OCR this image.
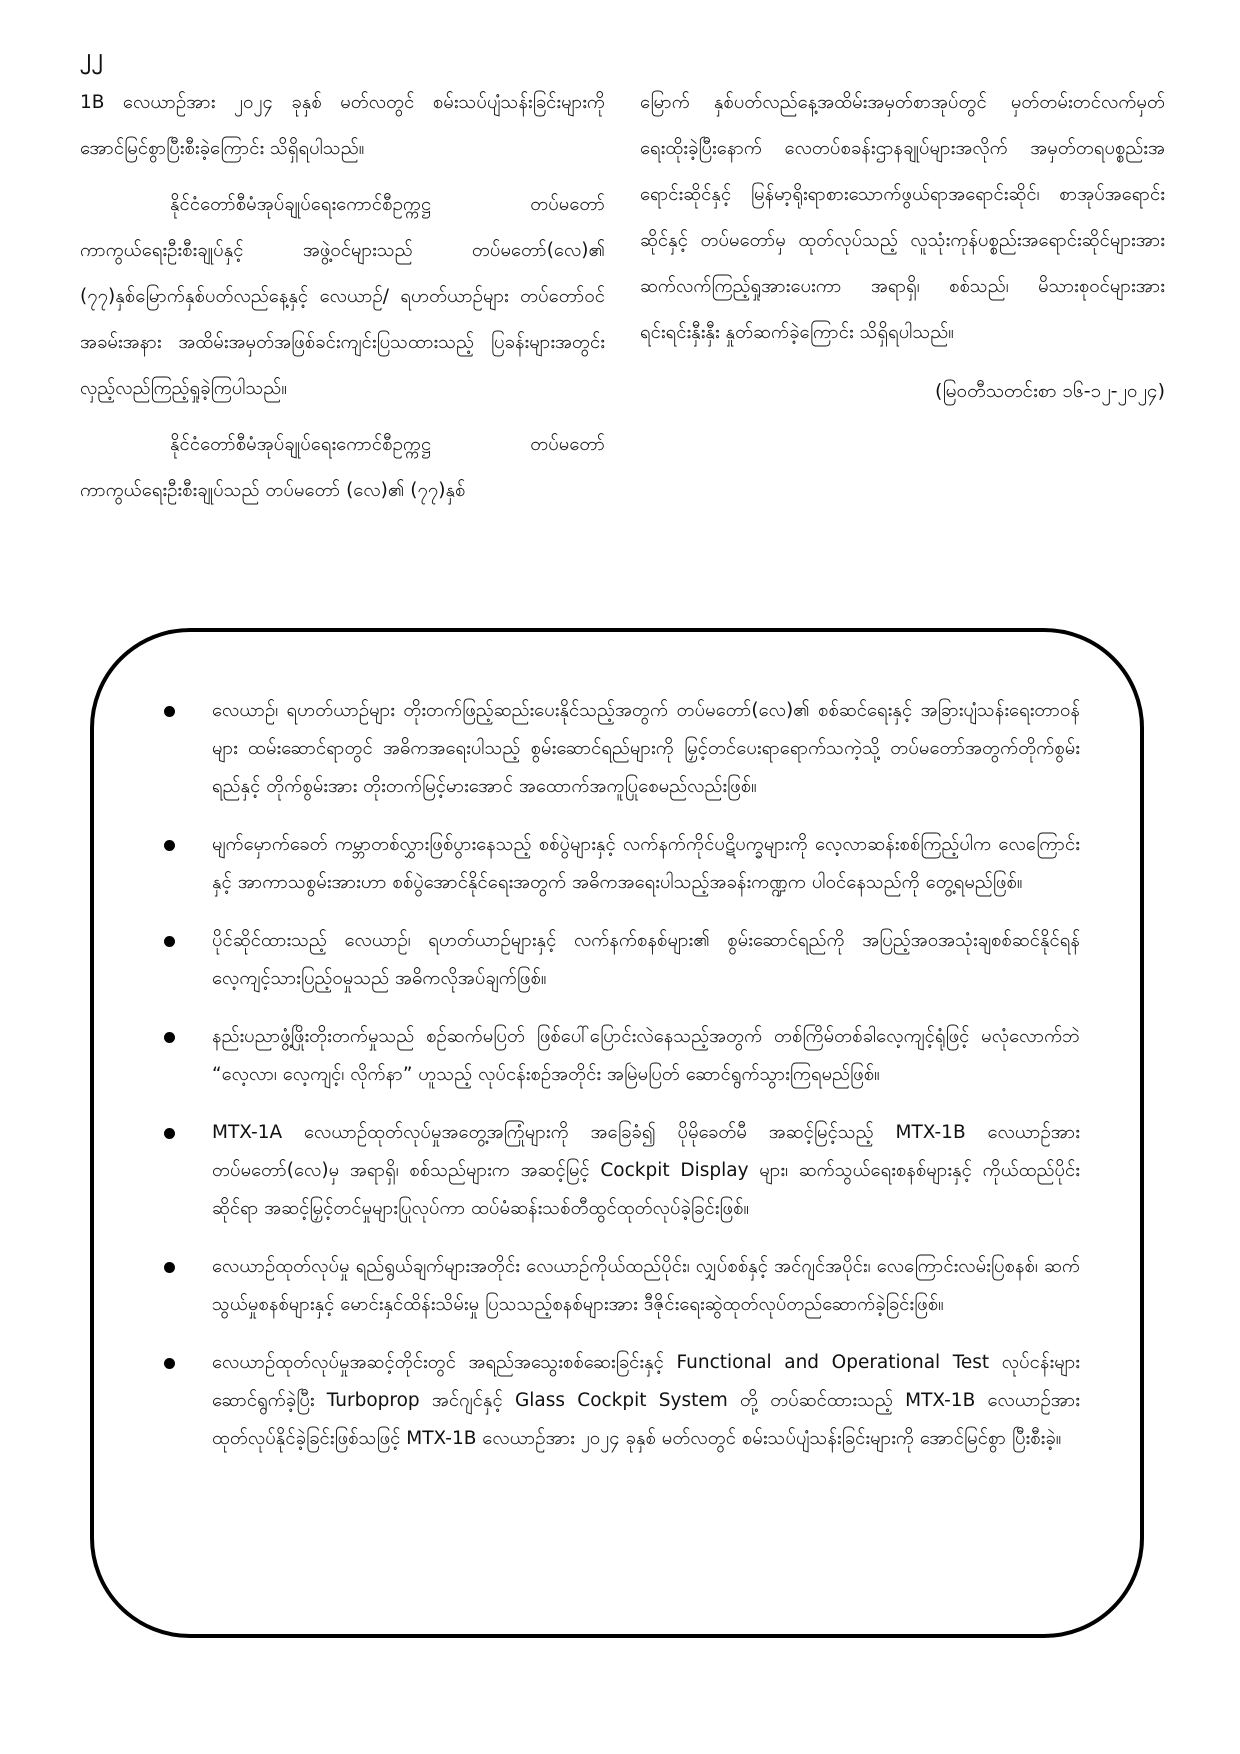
၂၂

1B လေယာဉ်အား ၂၀၂၄ ခုနှစ် မတ်လတွင် စမ်းသပ်ပျံသန်းခြင်းများကို အောင်မြင်စွာပြီးစီးခဲ့ကြောင်း သိရှိရပါသည်။

နိုင်ငံတော်စီမံအုပ်ချုပ်ရေးကောင်စီဥက္ကဋ္ဌ တပ်မတော်ကာကွယ်ရေးဦးစီးချုပ်နှင့် အဖွဲ့ဝင်များသည် တပ်မတော်(လေ)၏ (၇၇)နှစ်မြောက်နှစ်ပတ်လည်နေ့နှင့် လေယာဉ်/ ရဟတ်ယာဉ်များ တပ်တော်ဝင်အခမ်းအနား အထိမ်းအမှတ်အဖြစ်ခင်းကျင်းပြသထားသည့် ပြခန်းများအတွင်း လှည့်လည်ကြည့်ရှုခဲ့ကြပါသည်။

နိုင်ငံတော်စီမံအုပ်ချုပ်ရေးကောင်စီဥက္ကဋ္ဌ တပ်မတော်ကာကွယ်ရေးဦးစီးချုပ်သည် တပ်မတော် (လေ)၏ (၇၇)နှစ်

မြောက် နှစ်ပတ်လည်နေ့အထိမ်းအမှတ်စာအုပ်တွင် မှတ်တမ်းတင်လက်မှတ်ရေးထိုးခဲ့ပြီးနောက် လေတပ်စခန်းဌာနချုပ်များအလိုက် အမှတ်တရပစ္စည်းအရောင်းဆိုင်နှင့် မြန်မာ့ရိုးရာစားသောက်ဖွယ်ရာအရောင်းဆိုင်၊ စာအုပ်အရောင်းဆိုင်နှင့် တပ်မတော်မှ ထုတ်လုပ်သည့် လူသုံးကုန်ပစ္စည်းအရောင်းဆိုင်များအား ဆက်လက်ကြည့်ရှုအားပေးကာ အရာရှိ၊ စစ်သည်၊ မိသားစုဝင်များအား ရင်းရင်းနှီးနှီး နှုတ်ဆက်ခဲ့ကြောင်း သိရှိရပါသည်။

(မြဝတီသတင်းစာ ၁၆-၁၂-၂၀၂၄)
လေယာဉ်၊ ရဟတ်ယာဉ်များ တိုးတက်ဖြည့်ဆည်းပေးနိုင်သည့်အတွက် တပ်မတော်(လေ)၏ စစ်ဆင်ရေးနှင့် အခြားပျံသန်းရေးတာဝန်များ ထမ်းဆောင်ရာတွင် အဓိကအရေးပါသည့် စွမ်းဆောင်ရည်များကို မြှင့်တင်ပေးရာရောက်သကဲ့သို့ တပ်မတော်အတွက်တိုက်စွမ်းရည်နှင့် တိုက်စွမ်းအား တိုးတက်မြင့်မားအောင် အထောက်အကူပြုစေမည်လည်းဖြစ်။
မျက်မှောက်ခေတ် ကမ္ဘာတစ်လွှားဖြစ်ပွားနေသည့် စစ်ပွဲများနှင့် လက်နက်ကိုင်ပဋိပက္ခများကို လေ့လာဆန်းစစ်ကြည့်ပါက လေကြောင်းနှင့် အာကာသစွမ်းအားဟာ စစ်ပွဲအောင်နိုင်ရေးအတွက် အဓိကအရေးပါသည့်အခန်းကဏ္ဍက ပါဝင်နေသည်ကို တွေ့ရမည်ဖြစ်။
ပိုင်ဆိုင်ထားသည့် လေယာဉ်၊ ရဟတ်ယာဉ်များနှင့် လက်နက်စနစ်များ၏ စွမ်းဆောင်ရည်ကို အပြည့်အဝအသုံးချစစ်ဆင်နိုင်ရန် လေ့ကျင့်သားပြည့်ဝမှုသည် အဓိကလိုအပ်ချက်ဖြစ်။
နည်းပညာဖွံ့ဖြိုးတိုးတက်မှုသည် စဉ်ဆက်မပြတ် ဖြစ်ပေါ်ပြောင်းလဲနေသည့်အတွက် တစ်ကြိမ်တစ်ခါလေ့ကျင့်ရုံဖြင့် မလုံလောက်ဘဲ “လေ့လာ၊ လေ့ကျင့်၊ လိုက်နာ” ဟူသည့် လုပ်ငန်းစဉ်အတိုင်း အမြဲမပြတ် ဆောင်ရွက်သွားကြရမည်ဖြစ်။
MTX-1A လေယာဉ်ထုတ်လုပ်မှုအတွေ့အကြုံများကို အခြေခံ၍ ပိုမိုခေတ်မီ အဆင့်မြင့်သည့် MTX-1B လေယာဉ်အား တပ်မတော်(လေ)မှ အရာရှိ၊ စစ်သည်များက အဆင့်မြင့် Cockpit Display များ၊ ဆက်သွယ်ရေးစနစ်များနှင့် ကိုယ်ထည်ပိုင်းဆိုင်ရာ အဆင့်မြှင့်တင်မှုများပြုလုပ်ကာ ထပ်မံဆန်းသစ်တီထွင်ထုတ်လုပ်ခဲ့ခြင်းဖြစ်။
လေယာဉ်ထုတ်လုပ်မှု ရည်ရွယ်ချက်များအတိုင်း လေယာဉ်ကိုယ်ထည်ပိုင်း၊ လျှပ်စစ်နှင့် အင်ဂျင်အပိုင်း၊ လေကြောင်းလမ်းပြစနစ်၊ ဆက်သွယ်မှုစနစ်များနှင့် မောင်းနှင်ထိန်းသိမ်းမှု ပြသသည့်စနစ်များအား ဒီဇိုင်းရေးဆွဲထုတ်လုပ်တည်ဆောက်ခဲ့ခြင်းဖြစ်။
လေယာဉ်ထုတ်လုပ်မှုအဆင့်တိုင်းတွင် အရည်အသွေးစစ်ဆေးခြင်းနှင့် Functional and Operational Test လုပ်ငန်းများ ဆောင်ရွက်ခဲ့ပြီး Turboprop အင်ဂျင်နှင့် Glass Cockpit System တို့ တပ်ဆင်ထားသည့် MTX-1B လေယာဉ်အား ထုတ်လုပ်နိုင်ခဲ့ခြင်းဖြစ်သဖြင့် MTX-1B လေယာဉ်အား ၂၀၂၄ ခုနှစ် မတ်လတွင် စမ်းသပ်ပျံသန်းခြင်းများကို အောင်မြင်စွာ ပြီးစီးခဲ့။
